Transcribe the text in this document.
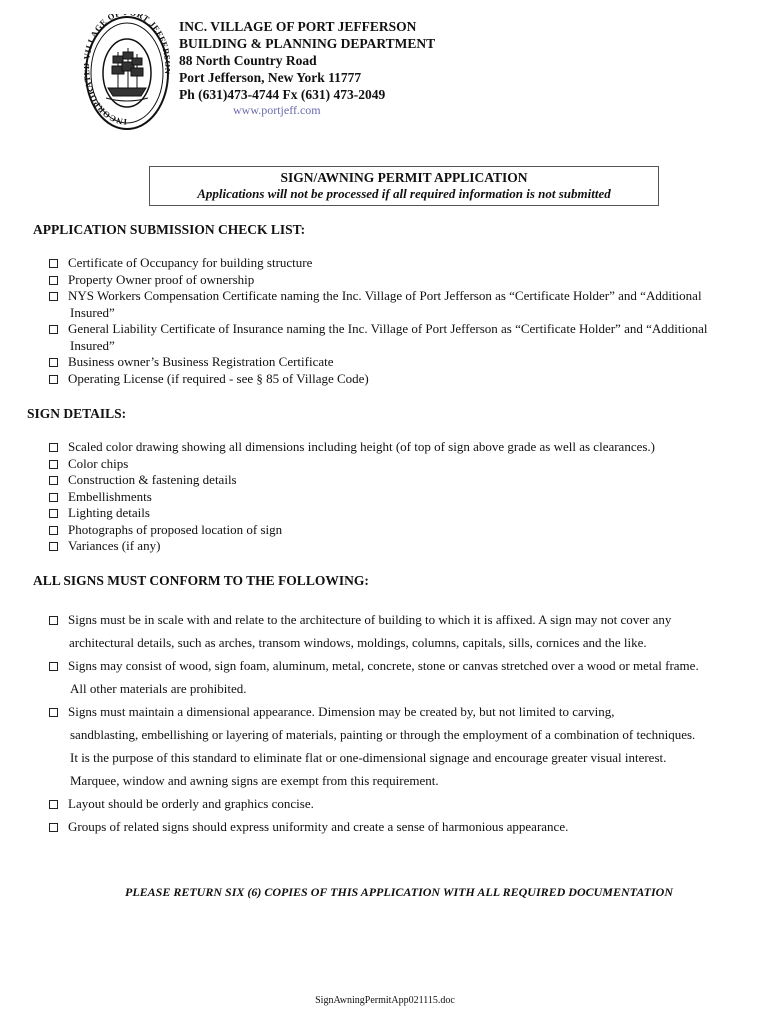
INCORPOR LLAGE O RT JEFFE
INC. VILLAGE OF PORT JEFFERSON
BUILDING & PLANNING DEPARTMENT
88 North Country Road
Port Jefferson, New York 11777
Ph (631)473-4744 Fx (631) 473-2049
www.portjeff.com
SIGN/AWNING PERMIT APPLICATION
Applications will not be processed if all required information is not submitted
APPLICATION SUBMISSION CHECK LIST:
Certificate of Occupancy for building structure
Property Owner proof of ownership
NYS Workers Compensation Certificate naming the Inc. Village of Port Jefferson as “Certificate Holder” and “Additional
Insured”
General Liability Certificate of Insurance naming the Inc. Village of Port Jefferson as “Certificate Holder” and “Additional
Insured”
Business owner’s Business Registration Certificate
Operating License (if required - see § 85 of Village Code)
SIGN DETAILS:
Scaled color drawing showing all dimensions including height (of top of sign above grade as well as clearances.)
Color chips
Construction & fastening details
Embellishments
Lighting details
Photographs of proposed location of sign
Variances (if any)
ALL SIGNS MUST CONFORM TO THE FOLLOWING:
Signs must be in scale with and relate to the architecture of building to which it is affixed. A sign may not cover any
architectural details, such as arches, transom windows, moldings, columns, capitals, sills, cornices and the like.
Signs may consist of wood, sign foam, aluminum, metal, concrete, stone or canvas stretched over a wood or metal frame.
All other materials are prohibited.
Signs must maintain a dimensional appearance. Dimension may be created by, but not limited to carving,
sandblasting, embellishing or layering of materials, painting or through the employment of a combination of techniques.
It is the purpose of this standard to eliminate flat or one-dimensional signage and encourage greater visual interest.
Marquee, window and awning signs are exempt from this requirement.
Layout should be orderly and graphics concise.
Groups of related signs should express uniformity and create a sense of harmonious appearance.
PLEASE RETURN SIX (6) COPIES OF THIS APPLICATION WITH ALL REQUIRED DOCUMENTATION
SignAwningPermitApp021115.doc
